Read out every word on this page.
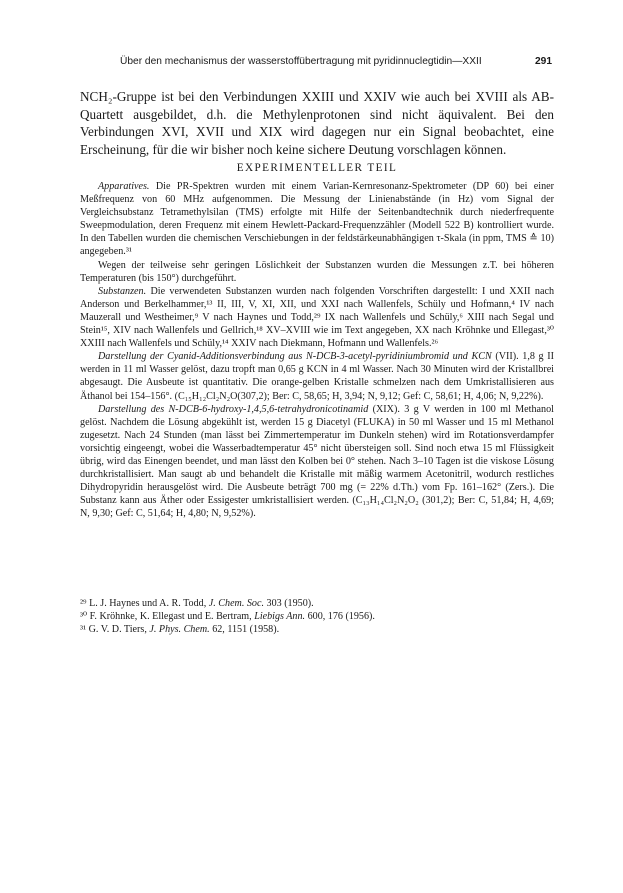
Über den mechanismus der wasserstoffübertragung mit pyridinnuclegtidin—XXII	291
NCH₂-Gruppe ist bei den Verbindungen XXIII und XXIV wie auch bei XVIII als AB-Quartett ausgebildet, d.h. die Methylenprotonen sind nicht äquivalent. Bei den Verbindungen XVI, XVII und XIX wird dagegen nur ein Signal beobachtet, eine Erscheinung, für die wir bisher noch keine sichere Deutung vorschlagen können.
EXPERIMENTELLER TEIL

Apparatives. Die PR-Spektren wurden mit einem Varian-Kernresonanz-Spektrometer (DP 60) bei einer Meßfrequenz von 60 MHz aufgenommen. Die Messung der Linienabstände (in Hz) vom Signal der Vergleichsubstanz Tetramethylsilan (TMS) erfolgte mit Hilfe der Seitenbandtechnik durch niederfrequente Sweepmodulation, deren Frequenz mit einem Hewlett-Packard-Frequenzzähler (Modell 522 B) kontrolliert wurde. In den Tabellen wurden die chemischen Verschiebungen in der feldstärkeunabhängigen τ-Skala (in ppm, TMS ≙ 10) angegeben.³¹

Wegen der teilweise sehr geringen Löslichkeit der Substanzen wurden die Messungen z.T. bei höheren Temperaturen (bis 150°) durchgeführt.

Substanzen. Die verwendeten Substanzen wurden nach folgenden Vorschriften dargestellt: I und XXII nach Anderson und Berkelhammer,¹³ II, III, V, XI, XII, und XXI nach Wallenfels, Schüly und Hofmann,⁴ IV nach Mauzerall und Westheimer,⁹ V nach Haynes und Todd,²⁹ IX nach Wallenfels und Schüly,⁶ XIII nach Segal und Stein¹⁵, XIV nach Wallenfels und Gellrich,¹⁸ XV–XVIII wie im Text angegeben, XX nach Kröhnke und Ellegast,³⁰ XXIII nach Wallenfels und Schüly,¹⁴ XXIV nach Diekmann, Hofmann und Wallenfels.²⁶

Darstellung der Cyanid-Additionsverbindung aus N-DCB-3-acetyl-pyridiniumbromid und KCN (VII). 1,8 g II werden in 11 ml Wasser gelöst, dazu tropft man 0,65 g KCN in 4 ml Wasser. Nach 30 Minuten wird der Kristallbrei abgesaugt. Die Ausbeute ist quantitativ. Die orange-gelben Kristalle schmelzen nach dem Umkristallisieren aus Äthanol bei 154–156°. (C₁₅H₁₂Cl₂N₂O(307,2); Ber: C, 58,65; H, 3,94; N, 9,12; Gef: C, 58,61; H, 4,06; N, 9,22%).

Darstellung des N-DCB-6-hydroxy-1,4,5,6-tetrahydronicotinamid (XIX). 3 g V werden in 100 ml Methanol gelöst. Nachdem die Lösung abgekühlt ist, werden 15 g Diacetyl (FLUKA) in 50 ml Wasser und 15 ml Methanol zugesetzt. Nach 24 Stunden (man lässt bei Zimmertemperatur im Dunkeln stehen) wird im Rotationsverdampfer vorsichtig eingeengt, wobei die Wasserbadtemperatur 45° nicht übersteigen soll. Sind noch etwa 15 ml Flüssigkeit übrig, wird das Einengen beendet, und man lässt den Kolben bei 0° stehen. Nach 3–10 Tagen ist die viskose Lösung durchkristallisiert. Man saugt ab und behandelt die Kristalle mit mäßig warmem Acetonitril, wodurch restliches Dihydropyridin herausgelöst wird. Die Ausbeute beträgt 700 mg (= 22% d.Th.) vom Fp. 161–162° (Zers.). Die Substanz kann aus Äther oder Essigester umkristallisiert werden. (C₁₃H₁₄Cl₂N₂O₂ (301,2); Ber: C, 51,84; H, 4,69; N, 9,30; Gef: C, 51,64; H, 4,80; N, 9,52%).

²⁹ L. J. Haynes und A. R. Todd, J. Chem. Soc. 303 (1950).
³⁰ F. Kröhnke, K. Ellegast und E. Bertram, Liebigs Ann. 600, 176 (1956).
³¹ G. V. D. Tiers, J. Phys. Chem. 62, 1151 (1958).
